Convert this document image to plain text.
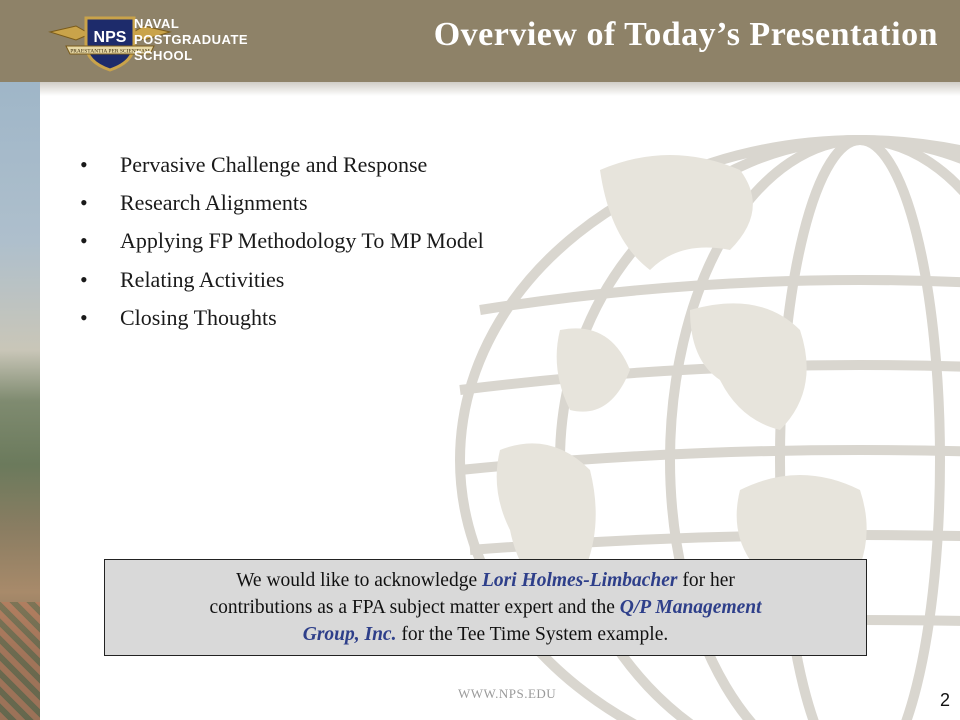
NPS
PRAESTANTIA PER SCIENTIAM
NAVAL
POSTGRADUATE
SCHOOL
Overview of Today’s Presentation
• Pervasive Challenge and Response
• Research Alignments
• Applying FP Methodology To MP Model
• Relating Activities
• Closing Thoughts
We would like to acknowledge Lori Holmes-Limbacher for her
contributions as a FPA subject matter expert and the Q/P Management
Group, Inc. for the Tee Time System example.
WWW.NPS.EDU	2
